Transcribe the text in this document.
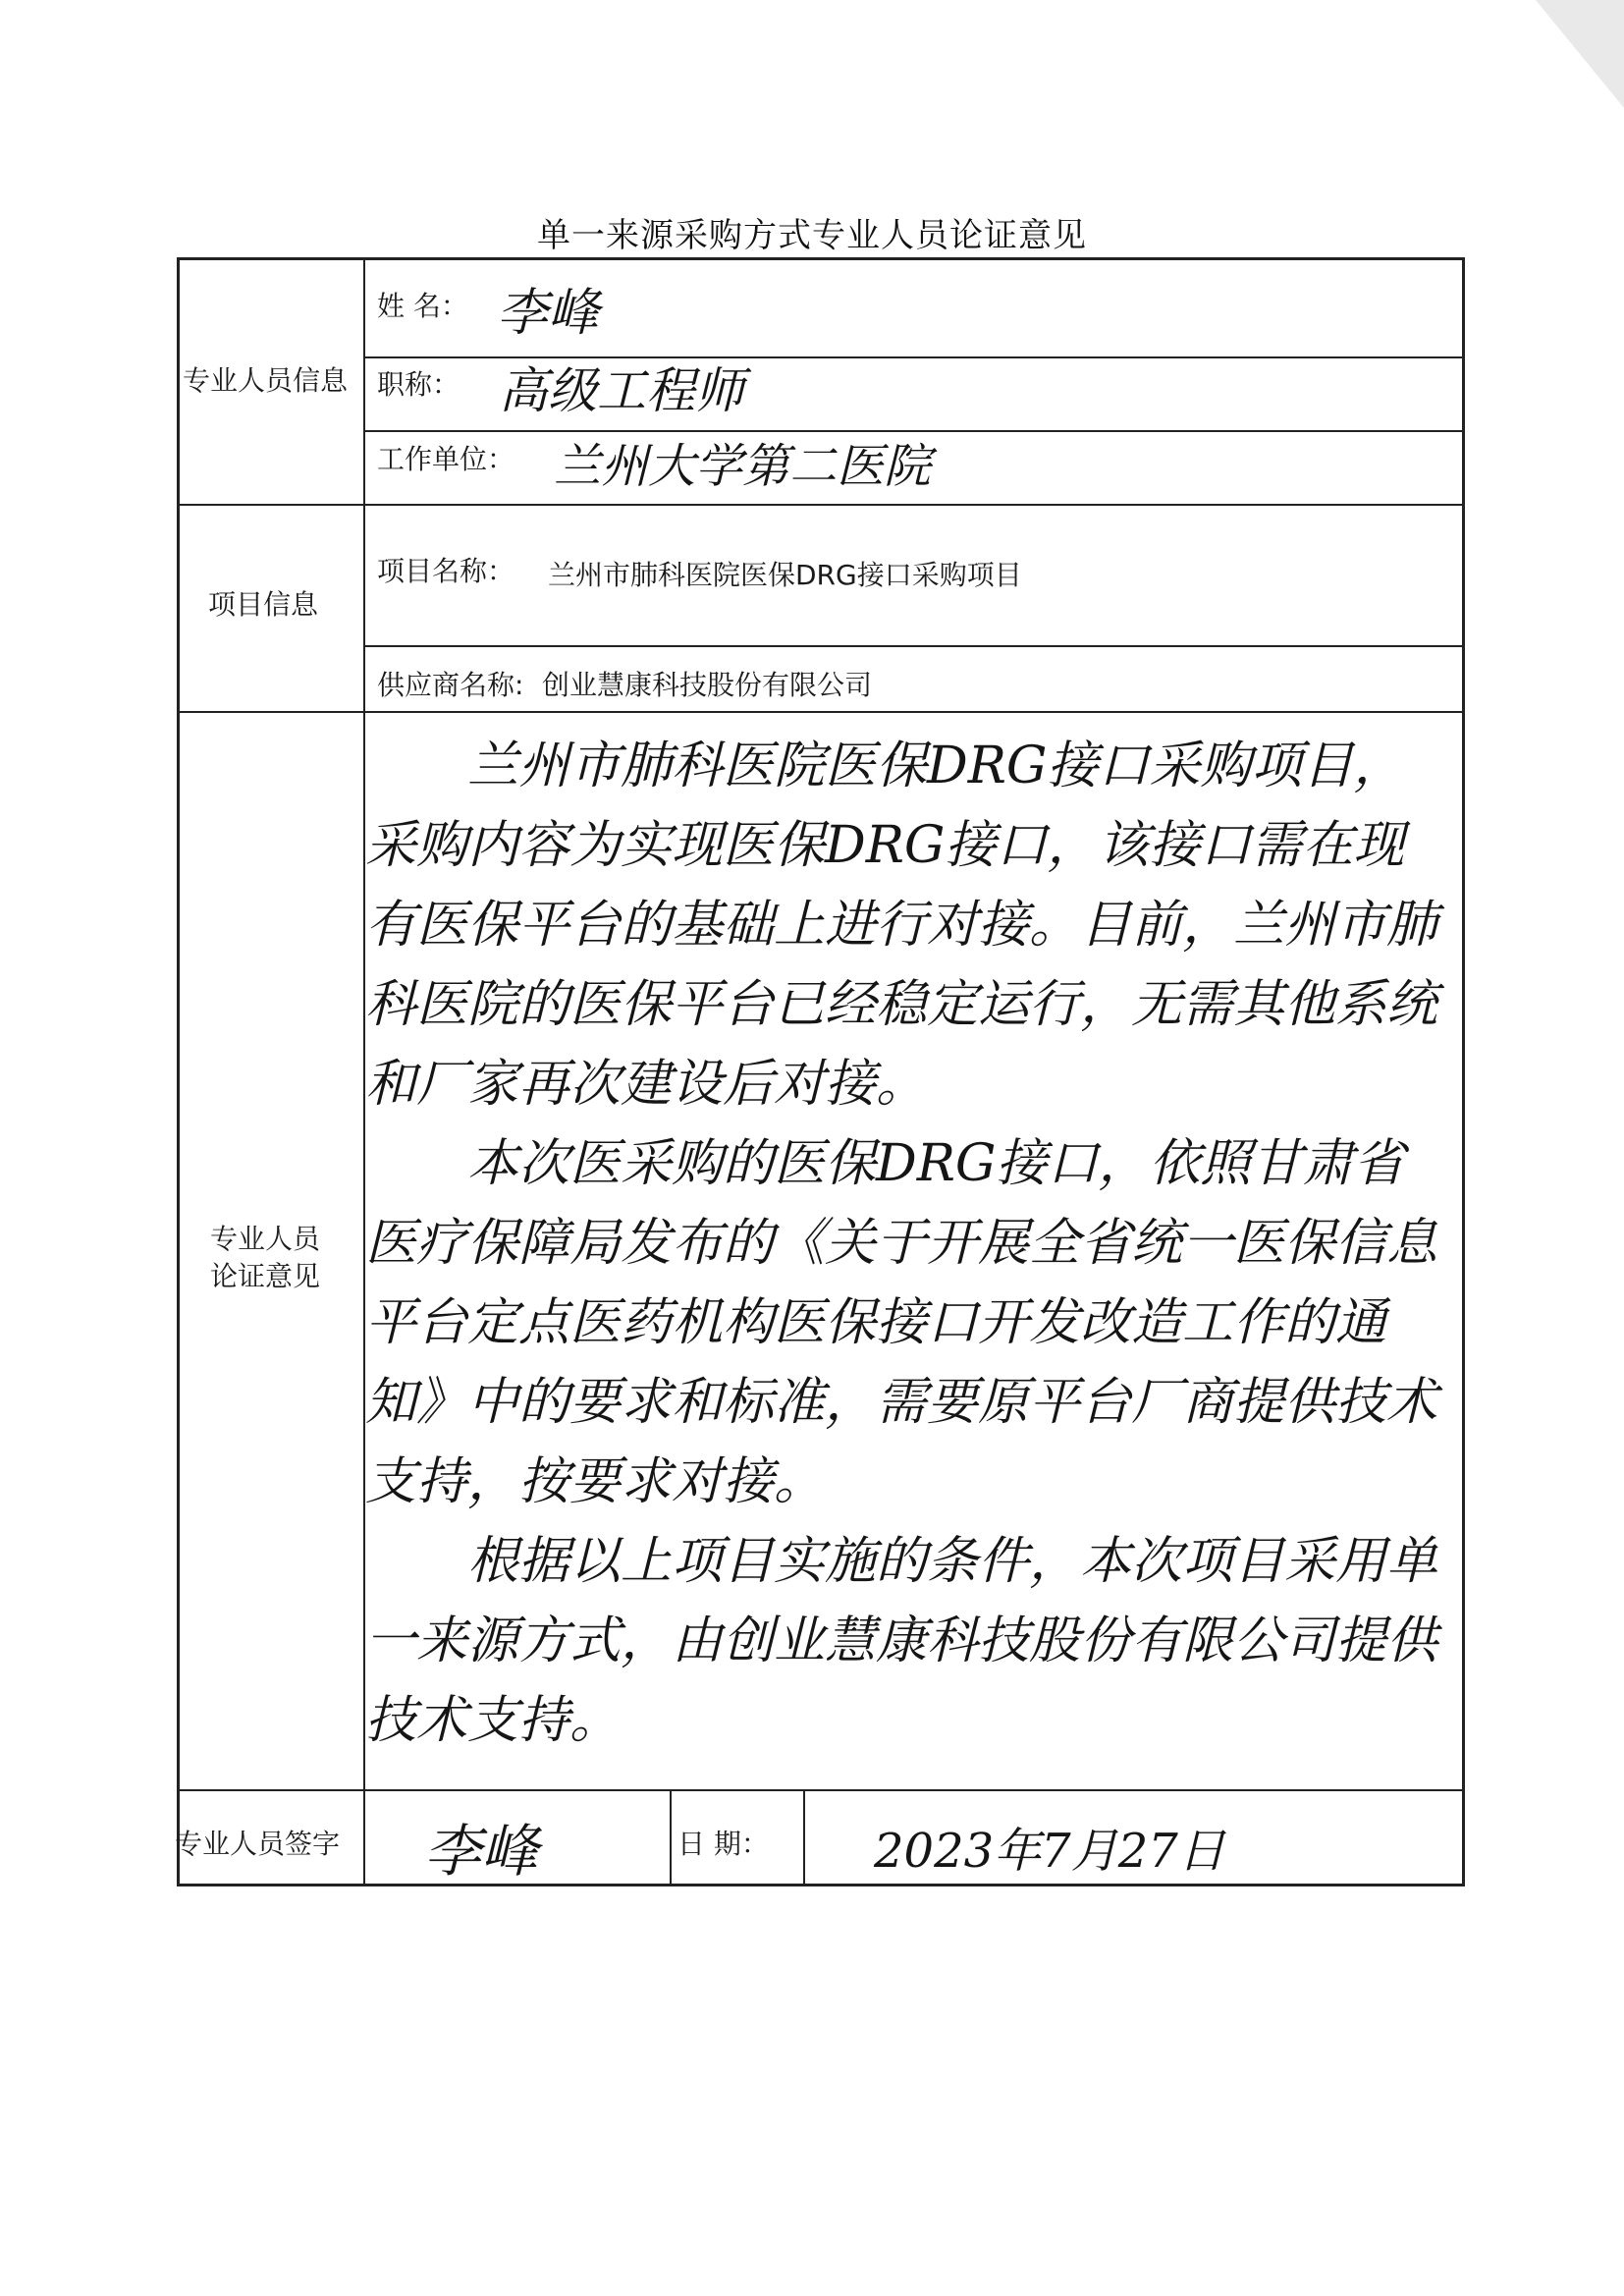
单一来源采购方式专业人员论证意见
专业人员信息
姓 名： 李峰
职称： 高级工程师
工作单位： 兰州大学第二医院
项目信息
项目名称： 兰州市肺科医院医保DRG接口采购项目
供应商名称: 创业慧康科技股份有限公司
专业人员
论证意见

兰州市肺科医院医保DRG接口采购项目，采购内容为实现医保DRG接口，该接口需在现有医保平台的基础上进行对接。目前，兰州市肺科医院的医保平台已经稳定运行，无需其他系统和厂家再次建设后对接。

本次医采购的医保DRG接口，依照甘肃省医疗保障局发布的《关于开展全省统一医保信息平台定点医药机构医保接口开发改造工作的通知》中的要求和标准，需要原平台厂商提供技术支持，按要求对接。

根据以上项目实施的条件，本次项目采用单一来源方式，由创业慧康科技股份有限公司提供技术支持。

专业人员签字 李峰	日 期： 2023年7月27日
